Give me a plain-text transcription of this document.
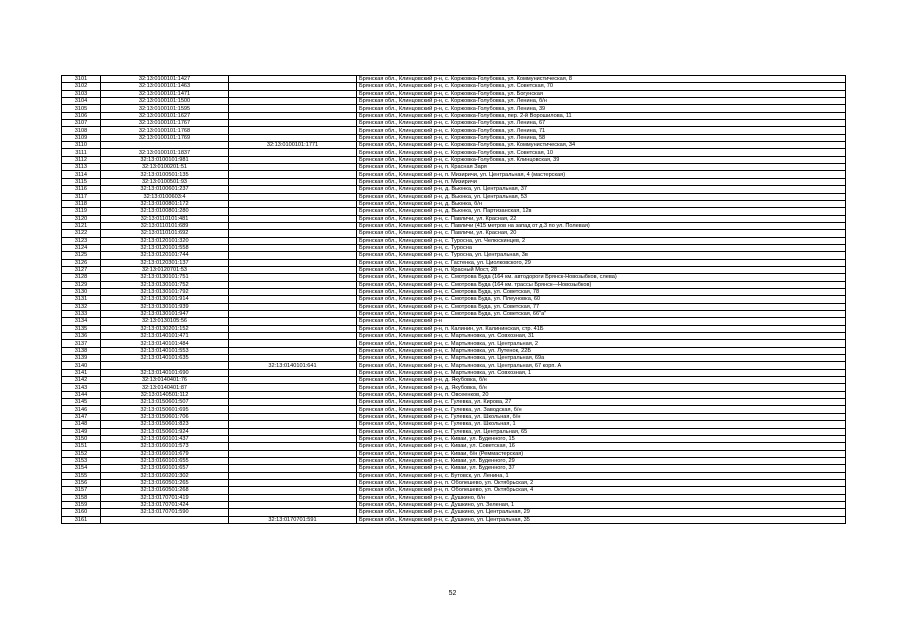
3101	32:13:0100101:1427		Брянская обл., Клинцовский р-н, с. Коржовка-Голубовка, ул. Коммунистическая, 8
3102	32:13:0100101:1463		Брянская обл., Клинцовский р-н, с. Коржовка-Голубовка, ул. Советская, 70
3103	32:13:0100101:1471		Брянская обл., Клинцовский р-н, с. Коржовка-Голубовка, ул. Богунская
3104	32:13:0100101:1500		Брянская обл., Клинцовский р-н, с. Коржовка-Голубовка, ул. Ленина, б/н
3105	32:13:0100101:1595		Брянская обл., Клинцовский р-н, с. Коржовка-Голубовка, ул. Ленина, 39
3106	32:13:0100101:1627		Брянская обл., Клинцовский р-н, с. Коржовка-Голубовка, пер. 2-й Ворошилова, 11
3107	32:13:0100101:1767		Брянская обл., Клинцовский р-н, с. Коржовка-Голубовка, ул. Ленина, 67
3108	32:13:0100101:1768		Брянская обл., Клинцовский р-н, с. Коржовка-Голубовка, ул. Ленина, 71
3109	32:13:0100101:1769		Брянская обл., Клинцовский р-н, с. Коржовка-Голубовка, ул. Ленина, 58
3110		32:13:0100101:1771	Брянская обл., Клинцовский р-н, с. Коржовка-Голубовка, ул. Коммунистическая, 34
3111	32:13:0100101:1837		Брянская обл., Клинцовский р-н, с. Коржовка-Голубовка, ул. Советская, 10
3112	32:13:0100101:981		Брянская обл., Клинцовский р-н, с. Коржовка-Голубовка, ул. Клинцовская, 39
3113	32:13:0100201:51		Брянская обл., Клинцовский р-н, п. Красная Заря
3114	32:13:0100501:135		Брянская обл., Клинцовский р-н, п. Мизиричи, ул. Центральная, 4 (мастерская)
3115	32:13:0100501:93		Брянская обл., Клинцовский р-н, п. Мизиричи
3116	32:13:0100601:237		Брянская обл., Клинцовский р-н, д. Вьюнка, ул. Центральная, 37
3117	32:13:0100603:4		Брянская обл., Клинцовский р-н, д. Вьюнка, ул. Центральная, 53
3118	32:13:0100801:172		Брянская обл., Клинцовский р-н, д. Вьюнка, б/н
3119	32:13:0100801:280		Брянская обл., Клинцовский р-н, д. Вьюнка, ул. Партизанская, 12в
3120	32:13:0110101:481		Брянская обл., Клинцовский р-н, с. Павличи, ул. Красная, 22
3121	32:13:0110101:689		Брянская обл., Клинцовский р-н, с. Павличи (415 метров на запад от д.3 по ул. Полевая)
3122	32:13:0110101:692		Брянская обл., Клинцовский р-н, с. Павличи, ул. Красная, 20
3123	32:13:0120101:320		Брянская обл., Клинцовский р-н, с. Туросна, ул. Челюскинцев, 2
3124	32:13:0120101:558		Брянская обл., Клинцовский р-н, с. Туросна
3125	32:13:0120101:744		Брянская обл., Клинцовский р-н, с. Туросна, ул. Центральная, 3в
3126	32:13:0120301:137		Брянская обл., Клинцовский р-н, с. Гастенка, ул. Циолковского, 29
3127	32:13:0120701:53		Брянская обл., Клинцовский р-н, п. Красный Мост, 28
3128	32:13:0130101:751		Брянская обл., Клинцовский р-н, с. Смотрова Буда (164 км. автодороги Брянск-Новозыбков, слева)
3129	32:13:0130101:752		Брянская обл., Клинцовский р-н, с. Смотрова Буда (164 км. трассы Брянск—Новозыбков)
3130	32:13:0130101:792		Брянская обл., Клинцовский р-н, с. Смотрова Буда, ул. Советская, 78
3131	32:13:0130101:914		Брянская обл., Клинцовский р-н, с. Смотрова Буда, ул. Плеуновка, 60
3132	32:13:0130101:939		Брянская обл., Клинцовский р-н, с. Смотрова Буда, ул. Советская, 77
3133	32:13:0130101:947		Брянская обл., Клинцовский р-н, с. Смотрова Буда, ул. Советская, 66"а"
3134	32:13:0130105:56		Брянская обл., Клинцовский р-н
3135	32:13:0130201:152		Брянская обл., Клинцовский р-н, п. Калинин, ул. Калининская, стр. 41Б
3136	32:13:0140101:471		Брянская обл., Клинцовский р-н, с. Мартьяновка, ул. Совхозная, 31
3137	32:13:0140101:484		Брянская обл., Клинцовский р-н, с. Мартьяновка, ул. Центральная, 2
3138	32:13:0140101:553		Брянская обл., Клинцовский р-н, с. Мартьяновка, ул. Лутенок, 22Б
3139	32:13:0140101:635		Брянская обл., Клинцовский р-н, с. Мартьяновка, ул. Центральная, 69а
3140		32:13:0140101:641	Брянская обл., Клинцовский р-н, с. Мартьяновка, ул. Центральная, 67 корп. А
3141	32:13:0140101:690		Брянская обл., Клинцовский р-н, с. Мартьяновка, ул. Совхозная, 1
3142	32:13:0140401:76		Брянская обл., Клинцовский р-н, д. Якубовка, б/н
3143	32:13:0140401:87		Брянская обл., Клинцовский р-н, д. Якубовка, б/н
3144	32:13:0140501:112		Брянская обл., Клинцовский р-н, п. Овсеенков, 20
3145	32:13:0150601:507		Брянская обл., Клинцовский р-н, с. Гулевка, ул. Кирова, 27
3146	32:13:0150601:695		Брянская обл., Клинцовский р-н, с. Гулевка, ул. Заводская, б/н
3147	32:13:0150601:706		Брянская обл., Клинцовский р-н, с. Гулевка, ул. Школьная, б/н
3148	32:13:0150601:823		Брянская обл., Клинцовский р-н, с. Гулевка, ул. Школьная, 1
3149	32:13:0150601:924		Брянская обл., Клинцовский р-н, с. Гулевка, ул. Центральная, 65
3150	32:13:0160101:437		Брянская обл., Клинцовский р-н, с. Киваи, ул. Буденного, 15
3151	32:13:0160101:573		Брянская обл., Клинцовский р-н, с. Киваи, ул. Советская, 16
3152	32:13:0160101:679		Брянская обл., Клинцовский р-н, с. Киваи, б/н (Реммастерская)
3153	32:13:0160101:655		Брянская обл., Клинцовский р-н, с. Киваи, ул. Буденного, 29
3154	32:13:0160101:657		Брянская обл., Клинцовский р-н, с. Киваи, ул. Буденного, 37
3155	32:13:0160201:302		Брянская обл., Клинцовский р-н, с. Бутовск, ул. Ленина, 1
3156	32:13:0160501:265		Брянская обл., Клинцовский р-н, п. Оболешево, ул. Октябрьская, 2
3157	32:13:0160501:268		Брянская обл., Клинцовский р-н, п. Оболешево, ул. Октябрьская, 4
3158	32:13:0170701:419		Брянская обл., Клинцовский р-н, с. Душкино, б/н
3159	32:13:0170701:424		Брянская обл., Клинцовский р-н, с. Душкино, ул. Зеленая, 1
3160	32:13:0170701:590		Брянская обл., Клинцовский р-н, с. Душкино, ул. Центральная, 29
3161		32:13:0170701:591	Брянская обл., Клинцовский р-н, с. Душкино, ул. Центральная, 35
52
